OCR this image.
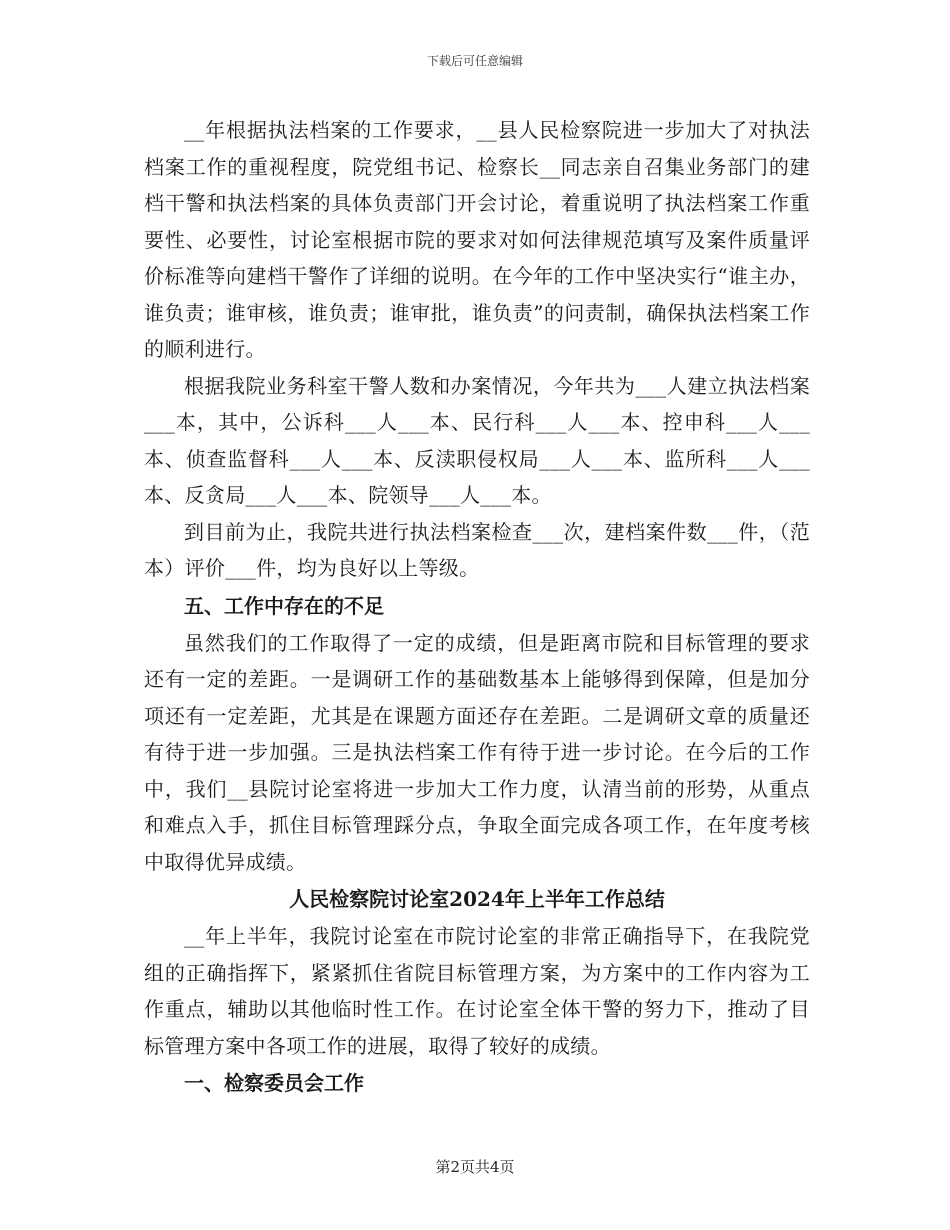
下载后可任意编辑

__年根据执法档案的工作要求，__县人民检察院进一步加大了对执法档案工作的重视程度，院党组书记、检察长__同志亲自召集业务部门的建档干警和执法档案的具体负责部门开会讨论，着重说明了执法档案工作重要性、必要性，讨论室根据市院的要求对如何法律规范填写及案件质量评价标准等向建档干警作了详细的说明。在今年的工作中坚决实行“谁主办，谁负责；谁审核，谁负责；谁审批，谁负责”的问责制，确保执法档案工作的顺利进行。

根据我院业务科室干警人数和办案情况，今年共为___人建立执法档案___本，其中，公诉科___人___本、民行科___人___本、控申科___人___本、侦查监督科___人___本、反渎职侵权局___人___本、监所科___人___本、反贪局___人___本、院领导___人___本。

到目前为止，我院共进行执法档案检查___次，建档案件数___件，（范本）评价___件，均为良好以上等级。

五、工作中存在的不足

虽然我们的工作取得了一定的成绩，但是距离市院和目标管理的要求还有一定的差距。一是调研工作的基础数基本上能够得到保障，但是加分项还有一定差距，尤其是在课题方面还存在差距。二是调研文章的质量还有待于进一步加强。三是执法档案工作有待于进一步讨论。在今后的工作中，我们__县院讨论室将进一步加大工作力度，认清当前的形势，从重点和难点入手，抓住目标管理踩分点，争取全面完成各项工作，在年度考核中取得优异成绩。

人民检察院讨论室2024年上半年工作总结

__年上半年，我院讨论室在市院讨论室的非常正确指导下，在我院党组的正确指挥下，紧紧抓住省院目标管理方案，为方案中的工作内容为工作重点，辅助以其他临时性工作。在讨论室全体干警的努力下，推动了目标管理方案中各项工作的进展，取得了较好的成绩。

一、检察委员会工作

第2页共4页
